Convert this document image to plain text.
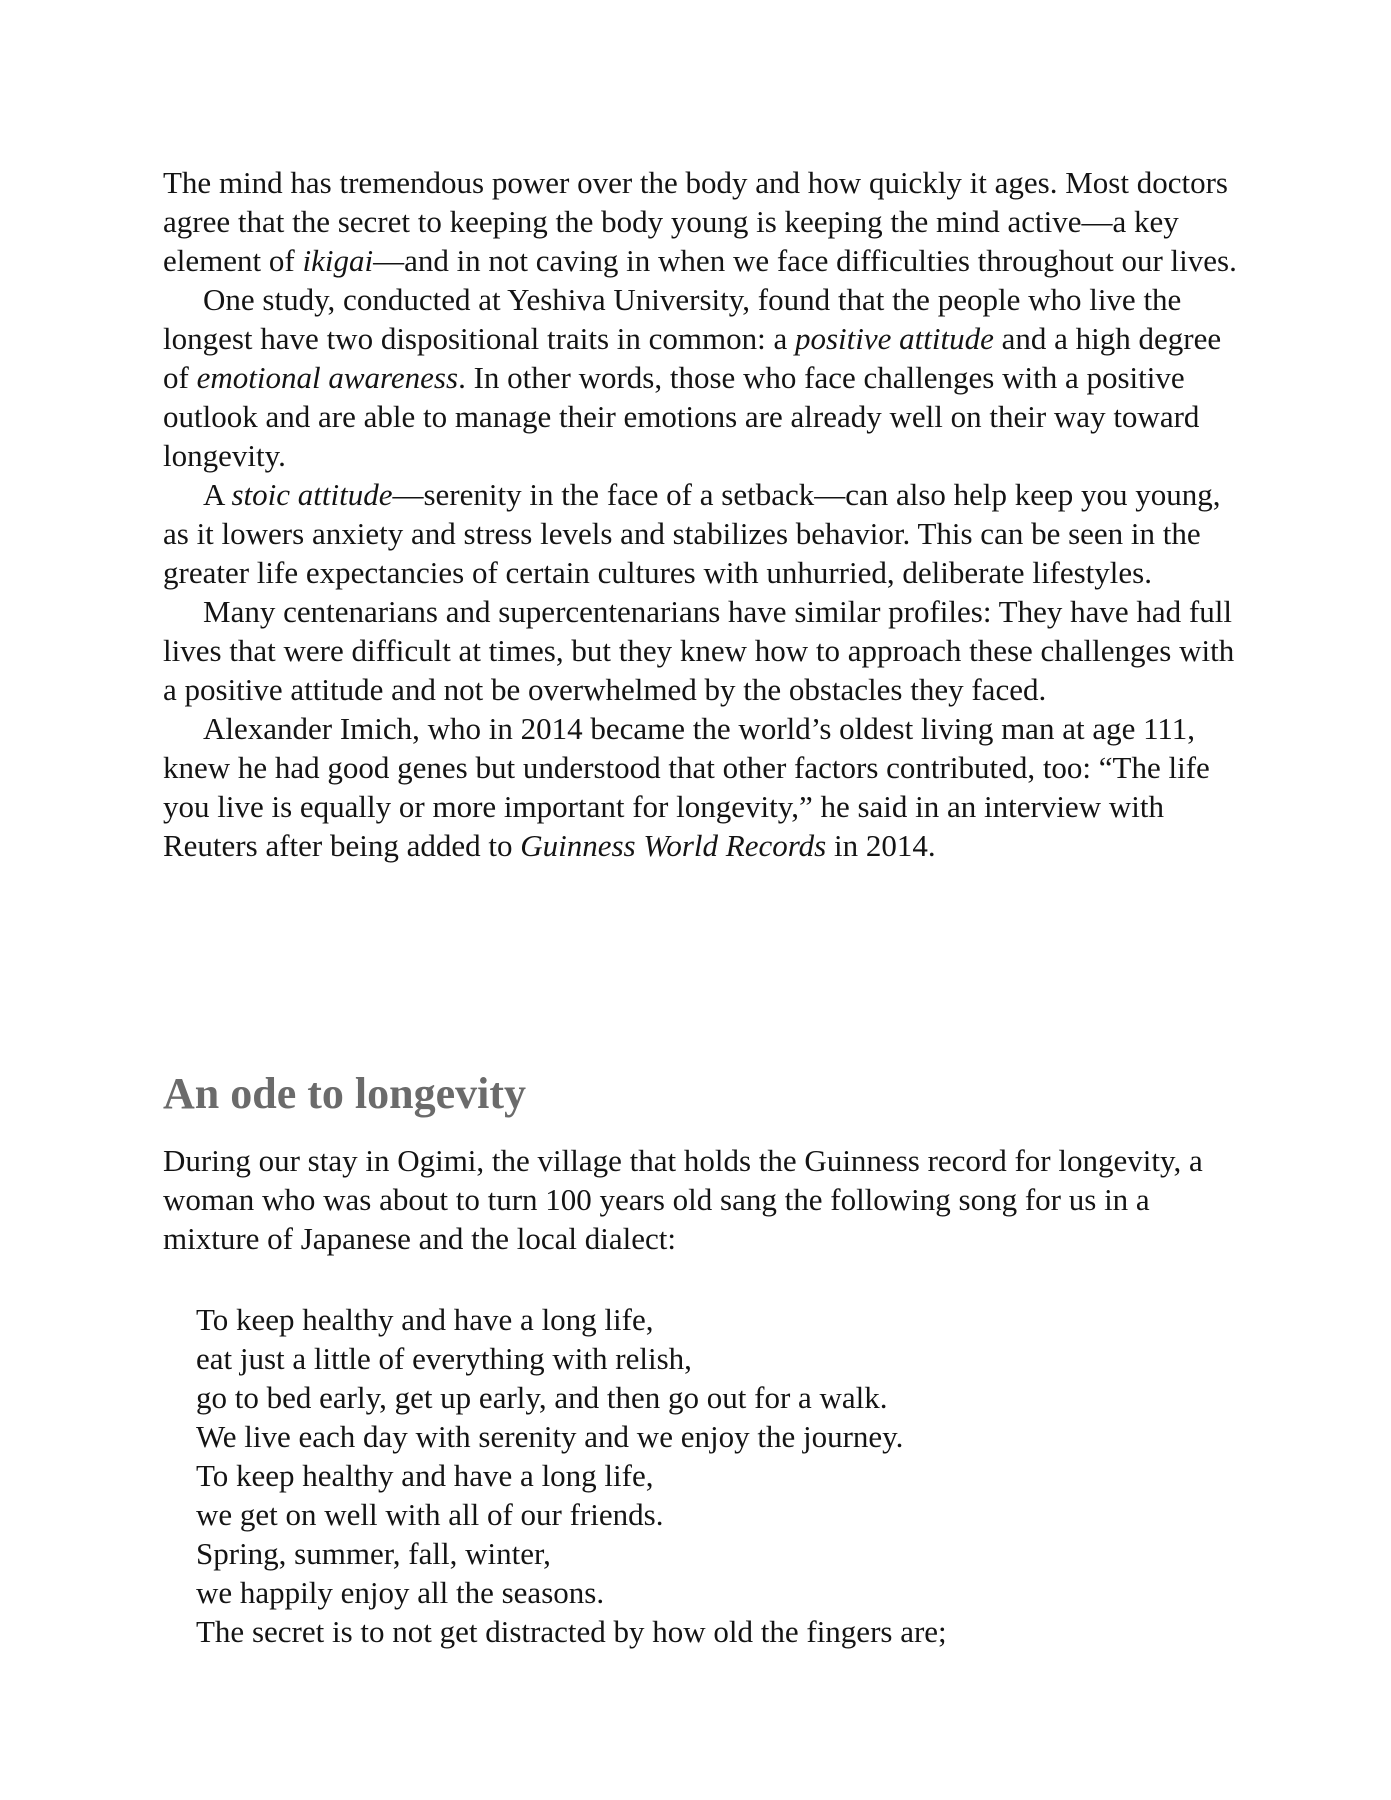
The mind has tremendous power over the body and how quickly it ages. Most doctors agree that the secret to keeping the body young is keeping the mind active—a key element of ikigai—and in not caving in when we face difficulties throughout our lives.

One study, conducted at Yeshiva University, found that the people who live the longest have two dispositional traits in common: a positive attitude and a high degree of emotional awareness. In other words, those who face challenges with a positive outlook and are able to manage their emotions are already well on their way toward longevity.

A stoic attitude—serenity in the face of a setback—can also help keep you young, as it lowers anxiety and stress levels and stabilizes behavior. This can be seen in the greater life expectancies of certain cultures with unhurried, deliberate lifestyles.

Many centenarians and supercentenarians have similar profiles: They have had full lives that were difficult at times, but they knew how to approach these challenges with a positive attitude and not be overwhelmed by the obstacles they faced.

Alexander Imich, who in 2014 became the world’s oldest living man at age 111, knew he had good genes but understood that other factors contributed, too: “The life you live is equally or more important for longevity,” he said in an interview with Reuters after being added to Guinness World Records in 2014.

An ode to longevity

During our stay in Ogimi, the village that holds the Guinness record for longevity, a woman who was about to turn 100 years old sang the following song for us in a mixture of Japanese and the local dialect:

To keep healthy and have a long life,
eat just a little of everything with relish,
go to bed early, get up early, and then go out for a walk.
We live each day with serenity and we enjoy the journey.
To keep healthy and have a long life,
we get on well with all of our friends.
Spring, summer, fall, winter,
we happily enjoy all the seasons.
The secret is to not get distracted by how old the fingers are;
